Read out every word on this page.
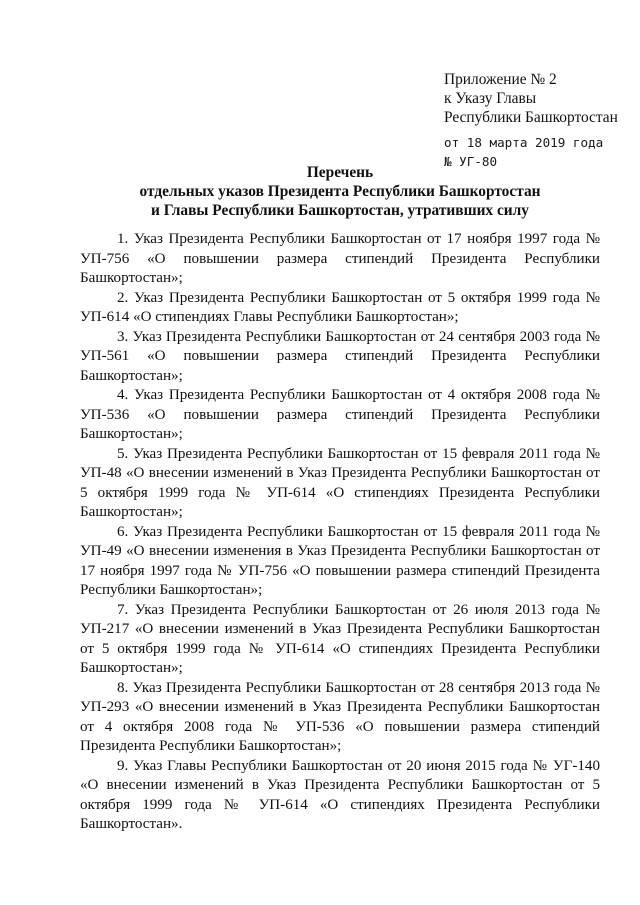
Приложение № 2
к Указу Главы
Республики Башкортостан
от 18 марта 2019 года
№ УГ-80
Перечень
отдельных указов Президента Республики Башкортостан
и Главы Республики Башкортостан, утративших силу

1. Указ Президента Республики Башкортостан от 17 ноября 1997 года № УП-756 «О повышении размера стипендий Президента Республики Башкортостан»;

2. Указ Президента Республики Башкортостан от 5 октября 1999 года № УП-614 «О стипендиях Главы Республики Башкортостан»;

3. Указ Президента Республики Башкортостан от 24 сентября 2003 года № УП-561 «О повышении размера стипендий Президента Республики Башкортостан»;

4. Указ Президента Республики Башкортостан от 4 октября 2008 года № УП-536 «О повышении размера стипендий Президента Республики Башкортостан»;

5. Указ Президента Республики Башкортостан от 15 февраля 2011 года № УП-48 «О внесении изменений в Указ Президента Республики Башкортостан от 5 октября 1999 года № УП-614 «О стипендиях Президента Республики Башкортостан»;

6. Указ Президента Республики Башкортостан от 15 февраля 2011 года № УП-49 «О внесении изменения в Указ Президента Республики Башкортостан от 17 ноября 1997 года № УП-756 «О повышении размера стипендий Президента Республики Башкортостан»;

7. Указ Президента Республики Башкортостан от 26 июля 2013 года № УП-217 «О внесении изменений в Указ Президента Республики Башкортостан от 5 октября 1999 года № УП-614 «О стипендиях Президента Республики Башкортостан»;

8. Указ Президента Республики Башкортостан от 28 сентября 2013 года № УП-293 «О внесении изменений в Указ Президента Республики Башкортостан от 4 октября 2008 года № УП-536 «О повышении размера стипендий Президента Республики Башкортостан»;

9. Указ Главы Республики Башкортостан от 20 июня 2015 года № УГ-140 «О внесении изменений в Указ Президента Республики Башкортостан от 5 октября 1999 года № УП-614 «О стипендиях Президента Республики Башкортостан».
